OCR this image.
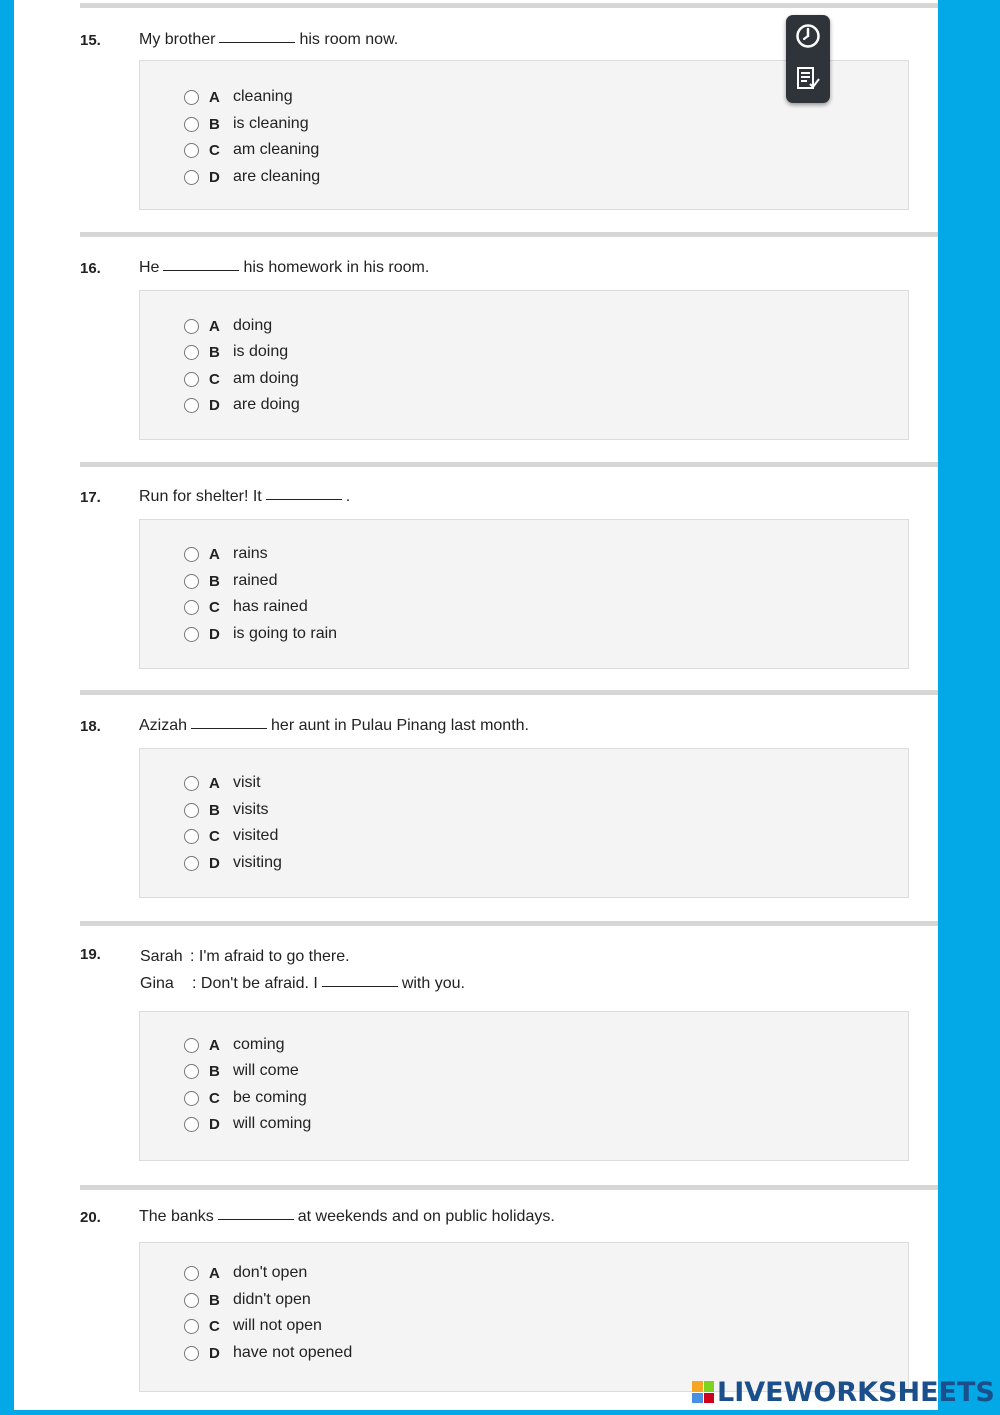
15. My brother	his room now.
A cleaning
B is cleaning
C am cleaning
D are cleaning
16. He	his homework in his room.
A doing
B is doing
C am doing
D are doing
17. Run for shelter! It	.
A rains
B rained
C has rained
D is going to rain
18. Azizah	her aunt in Pulau Pinang last month.
A visit
B visits
C visited
D visiting
19. Sarah : I'm afraid to go there.
Gina : Don't be afraid. I	with you.
A coming
B will come
C be coming
D will coming
20. The banks	at weekends and on public holidays.
A don't open
B didn't open
C will not open
D have not opened
LIVEWORKSHEETS
